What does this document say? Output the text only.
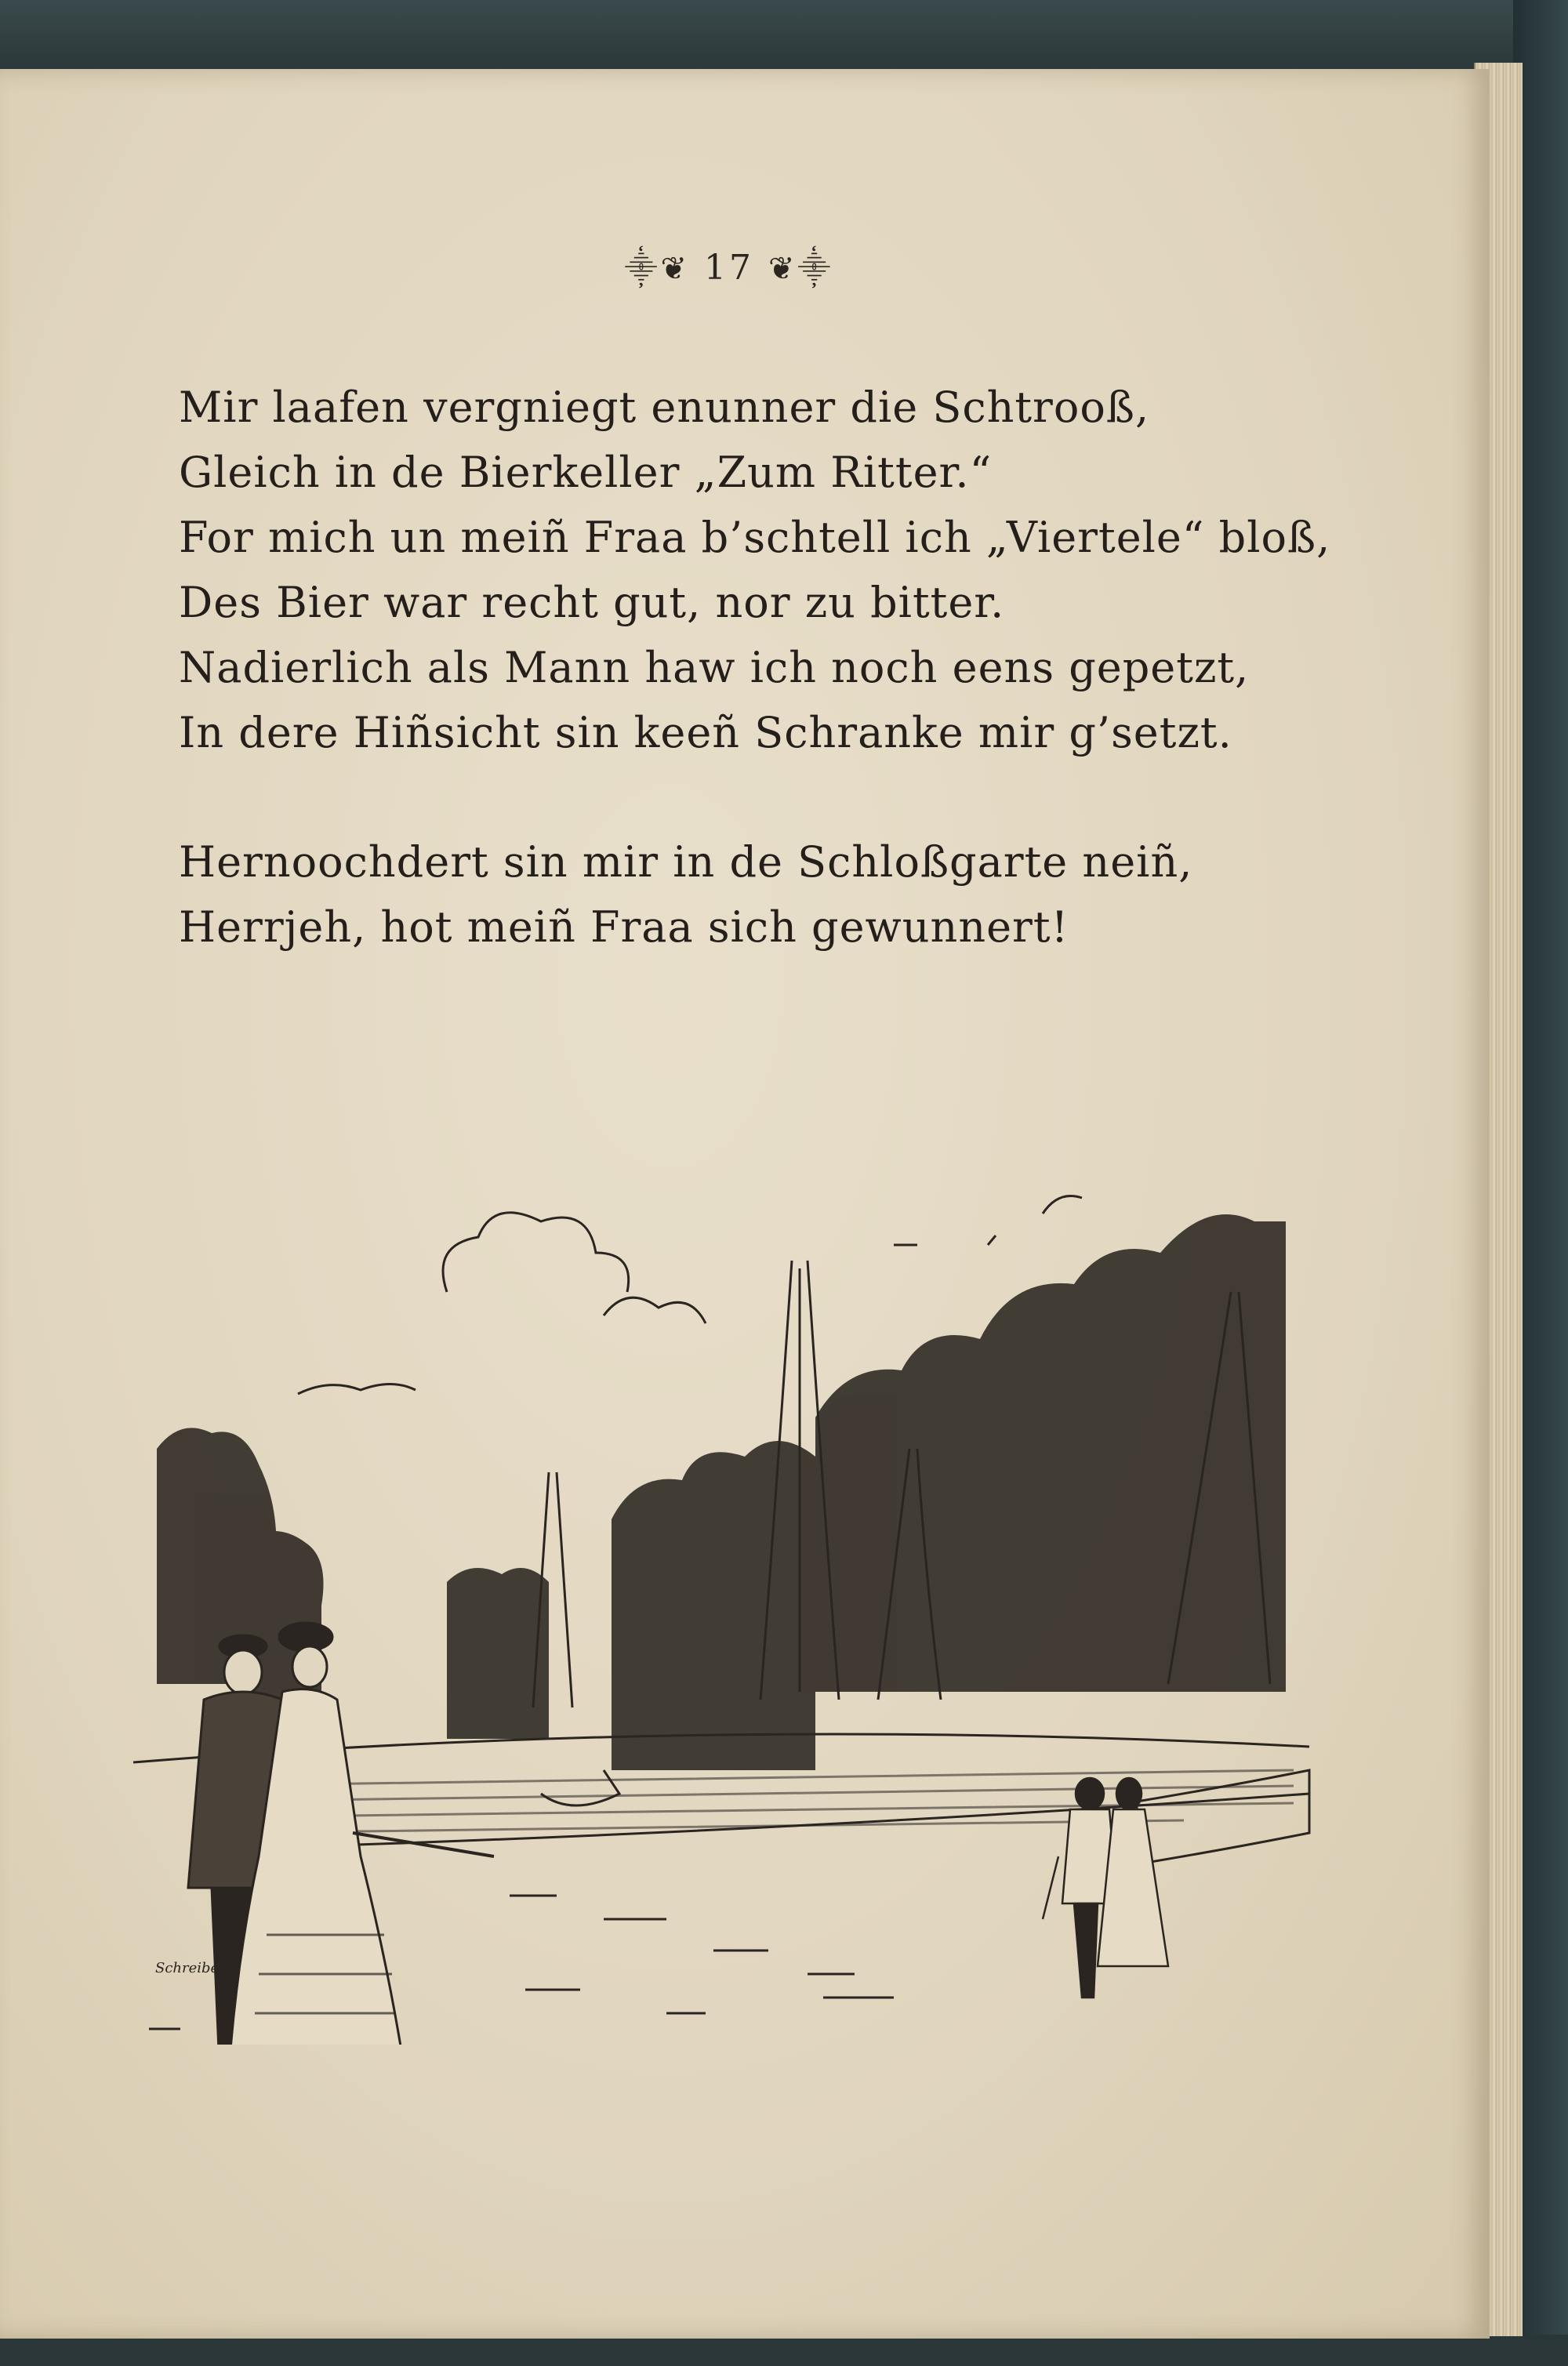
⸎❦ 17 ❦⸎
Mir laafen vergniegt enunner die Schtrooß,
Gleich in de Bierkeller „Zum Ritter.“
For mich un meiñ Fraa b’schtell ich „Viertele“ bloß,
Des Bier war recht gut, nor zu bitter.
Nadierlich als Mann haw ich noch eens gepetzt,
In dere Hiñsicht sin keeñ Schranke mir g’setzt.
Hernoochdert sin mir in de Schloßgarte neiñ,
Herrjeh, hot meiñ Fraa sich gewunnert!
Schreiber
